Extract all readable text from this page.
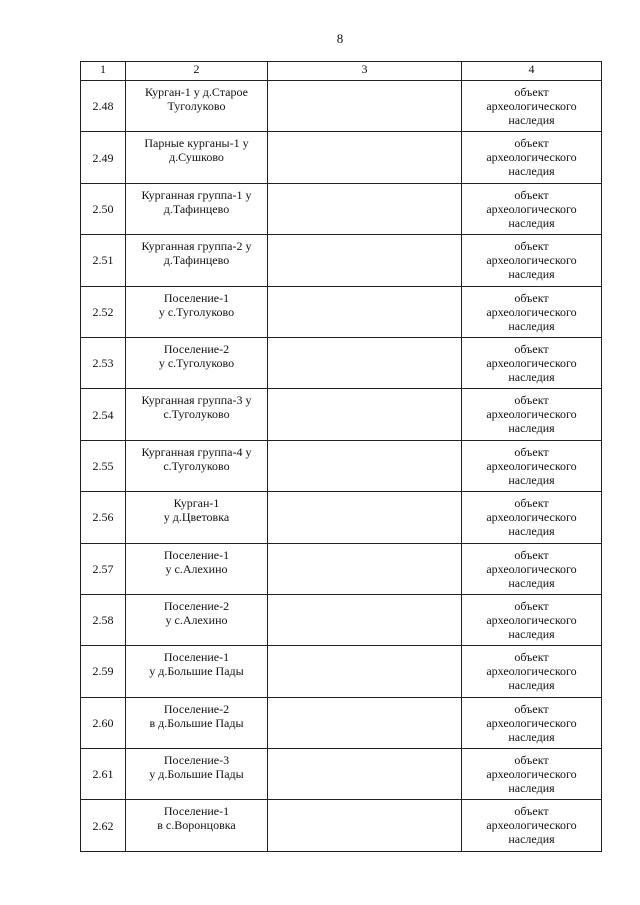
8
1	2	3	4
2.48	Курган-1 у д.Старое
Туголуково		объект
археологического
наследия

2.49	Парные курганы-1 у
д.Сушково		объект
археологического
наследия

2.50	Курганная группа-1 у
д.Тафинцево		объект
археологического
наследия

2.51	Курганная группа-2 у
д.Тафинцево		объект
археологического
наследия

2.52	Поселение-1
у с.Туголуково		объект
археологического
наследия

2.53	Поселение-2
у с.Туголуково		объект
археологического
наследия

2.54	Курганная группа-3 у
с.Туголуково		объект
археологического
наследия

2.55	Курганная группа-4 у
с.Туголуково		объект
археологического
наследия

2.56	Курган-1
у д.Цветовка		объект
археологического
наследия

2.57	Поселение-1
у с.Алехино		объект
археологического
наследия

2.58	Поселение-2
у с.Алехино		объект
археологического
наследия

2.59	Поселение-1
у д.Большие Пады		объект
археологического
наследия

2.60	Поселение-2
в д.Большие Пады		объект
археологического
наследия

2.61	Поселение-3
у д.Большие Пады		объект
археологического
наследия

2.62	Поселение-1
в с.Воронцовка		объект
археологического
наследия
